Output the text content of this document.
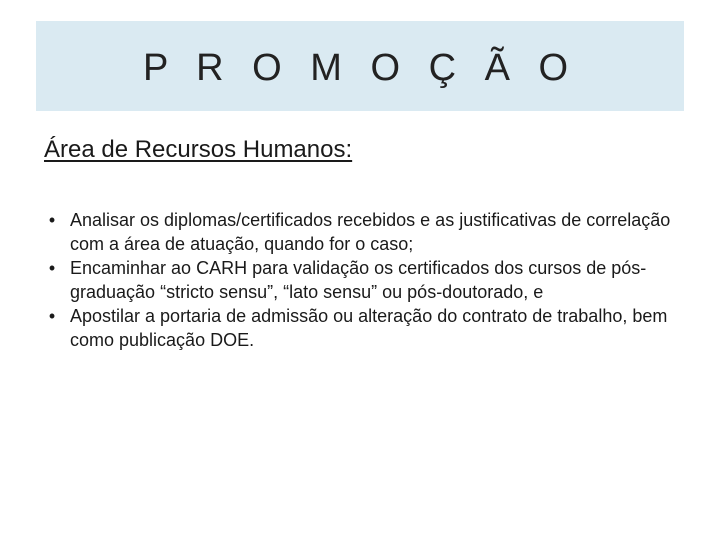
P R O M O Ç Ã O
Área de Recursos Humanos:
• Analisar os diplomas/certificados recebidos e as justificativas de correlação com a área de atuação, quando for o caso;
• Encaminhar ao CARH para validação os certificados dos cursos de pós-graduação “stricto sensu”, “lato sensu” ou pós-doutorado, e
• Apostilar a portaria de admissão ou alteração do contrato de trabalho, bem como publicação DOE.
